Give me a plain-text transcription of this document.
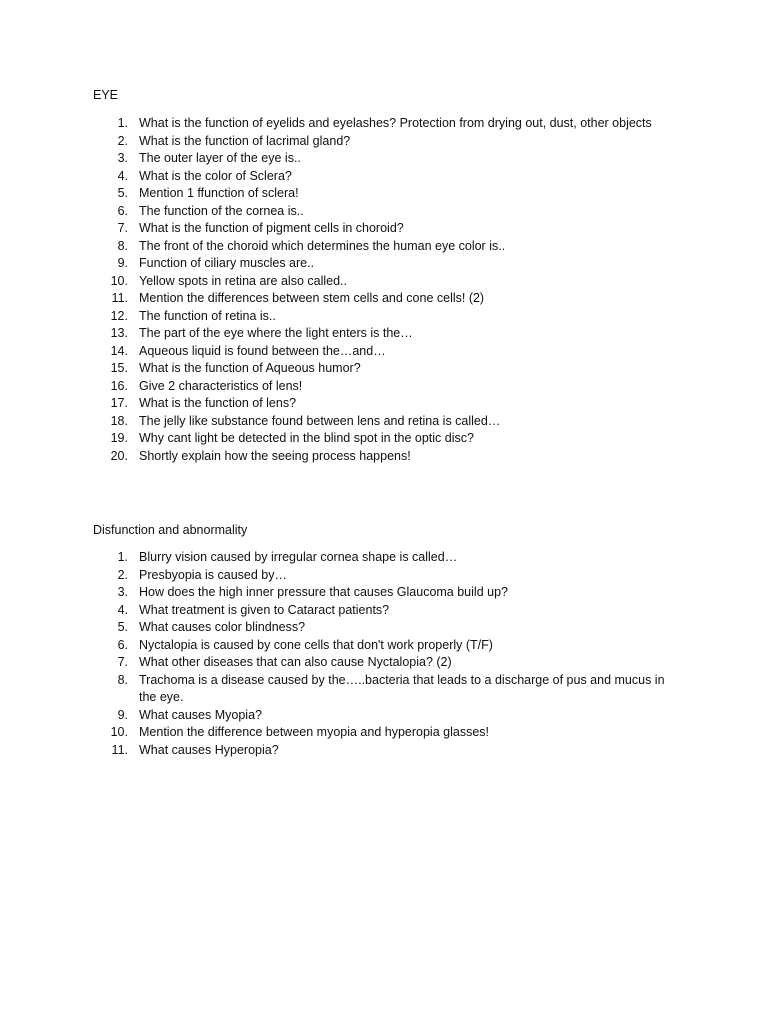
EYE
1. What is the function of eyelids and eyelashes? Protection from drying out, dust, other objects
2. What is the function of lacrimal gland?
3. The outer layer of the eye is..
4. What is the color of Sclera?
5. Mention 1 ffunction of sclera!
6. The function of the cornea is..
7. What is the function of pigment cells in choroid?
8. The front of the choroid which determines the human eye color is..
9. Function of ciliary muscles are..
10. Yellow spots in retina are also called..
11. Mention the differences between stem cells and cone cells! (2)
12. The function of retina is..
13. The part of the eye where the light enters is the…
14. Aqueous liquid is found between the…and…
15. What is the function of Aqueous humor?
16. Give 2 characteristics of lens!
17. What is the function of lens?
18. The jelly like substance found between lens and retina is called…
19. Why cant light be detected in the blind spot in the optic disc?
20. Shortly explain how the seeing process happens!
Disfunction and abnormality
1. Blurry vision caused by irregular cornea shape is called…
2. Presbyopia is caused by…
3. How does the high inner pressure that causes Glaucoma build up?
4. What treatment is given to Cataract patients?
5. What causes color blindness?
6. Nyctalopia is caused by cone cells that don't work properly (T/F)
7. What other diseases that can also cause Nyctalopia? (2)
8. Trachoma is a disease caused by the…..bacteria that leads to a discharge of pus and mucus in the eye.
9. What causes Myopia?
10. Mention the difference between myopia and hyperopia glasses!
11. What causes Hyperopia?
